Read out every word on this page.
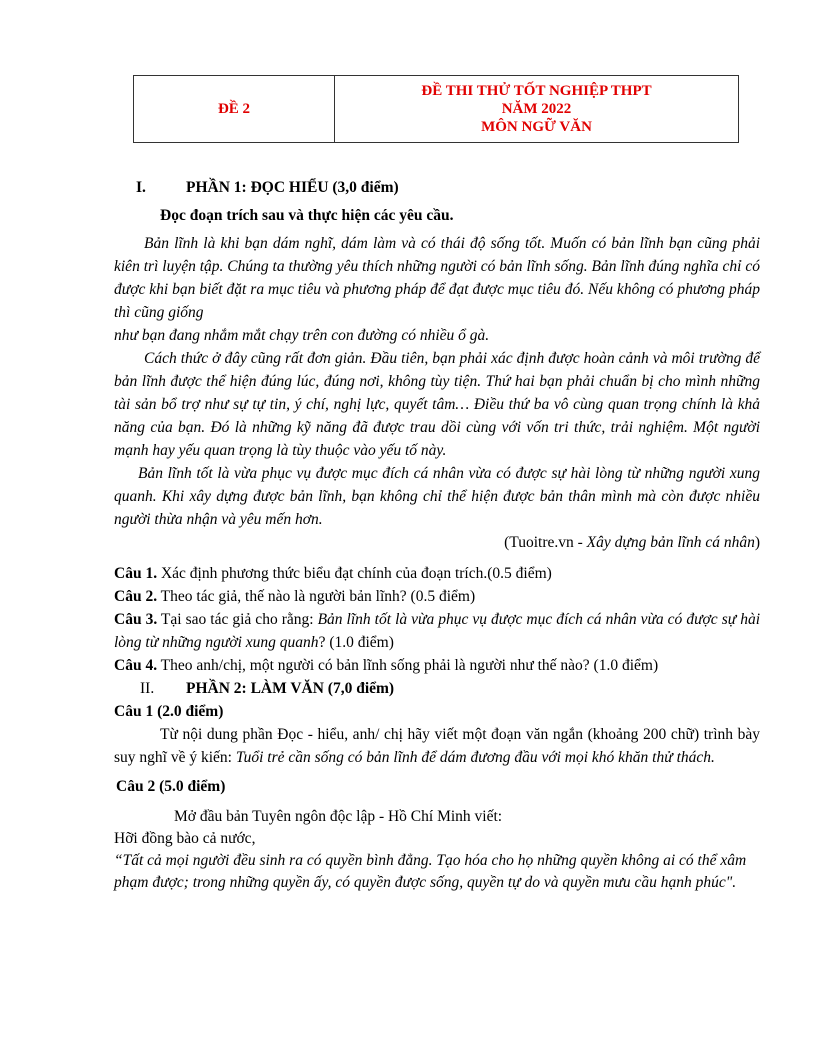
ĐỀ 2
ĐỀ THI THỬ TỐT NGHIỆP THPT
NĂM 2022
MÔN NGỮ VĂN

I.	PHẦN 1: ĐỌC HIỂU (3,0 điểm)

Đọc đoạn trích sau và thực hiện các yêu cầu.

Bản lĩnh là khi bạn dám nghĩ, dám làm và có thái độ sống tốt. Muốn có bản lĩnh bạn cũng phải kiên trì luyện tập. Chúng ta thường yêu thích những người có bản lĩnh sống. Bản lĩnh đúng nghĩa chỉ có được khi bạn biết đặt ra mục tiêu và phương pháp để đạt được mục tiêu đó. Nếu không có phương pháp thì cũng giống

như bạn đang nhắm mắt chạy trên con đường có nhiều ổ gà.

Cách thức ở đây cũng rất đơn giản. Đầu tiên, bạn phải xác định được hoàn cảnh và môi trường để bản lĩnh được thể hiện đúng lúc, đúng nơi, không tùy tiện. Thứ hai bạn phải chuẩn bị cho mình những tài sản bổ trợ như sự tự tin, ý chí, nghị lực, quyết tâm… Điều thứ ba vô cùng quan trọng chính là khả năng của bạn. Đó là những kỹ năng đã được trau dồi cùng với vốn tri thức, trải nghiệm. Một người mạnh hay yếu quan trọng là tùy thuộc vào yếu tố này.

Bản lĩnh tốt là vừa phục vụ được mục đích cá nhân vừa có được sự hài lòng từ những người xung quanh. Khi xây dựng được bản lĩnh, bạn không chỉ thể hiện được bản thân mình mà còn được nhiều người thừa nhận và yêu mến hơn.

(Tuoitre.vn - Xây dựng bản lĩnh cá nhân)

Câu 1. Xác định phương thức biểu đạt chính của đoạn trích.(0.5 điểm)

Câu 2. Theo tác giả, thế nào là người bản lĩnh? (0.5 điểm)

Câu 3. Tại sao tác giả cho rằng: Bản lĩnh tốt là vừa phục vụ được mục đích cá nhân vừa có được sự hài lòng từ những người xung quanh? (1.0 điểm)

Câu 4. Theo anh/chị, một người có bản lĩnh sống phải là người như thế nào? (1.0 điểm)

II.	PHẦN 2: LÀM VĂN (7,0 điểm)

Câu 1 (2.0 điểm)

Từ nội dung phần Đọc - hiểu, anh/ chị hãy viết một đoạn văn ngắn (khoảng 200 chữ) trình bày suy nghĩ về ý kiến: Tuổi trẻ cần sống có bản lĩnh để dám đương đầu với mọi khó khăn thử thách.

Câu 2 (5.0 điểm)

Mở đầu bản Tuyên ngôn độc lập - Hồ Chí Minh viết:

Hỡi đồng bào cả nước,

“Tất cả mọi người đều sinh ra có quyền bình đẳng. Tạo hóa cho họ những quyền không ai có thể xâm phạm được; trong những quyền ấy, có quyền được sống, quyền tự do và quyền mưu cầu hạnh phúc".
